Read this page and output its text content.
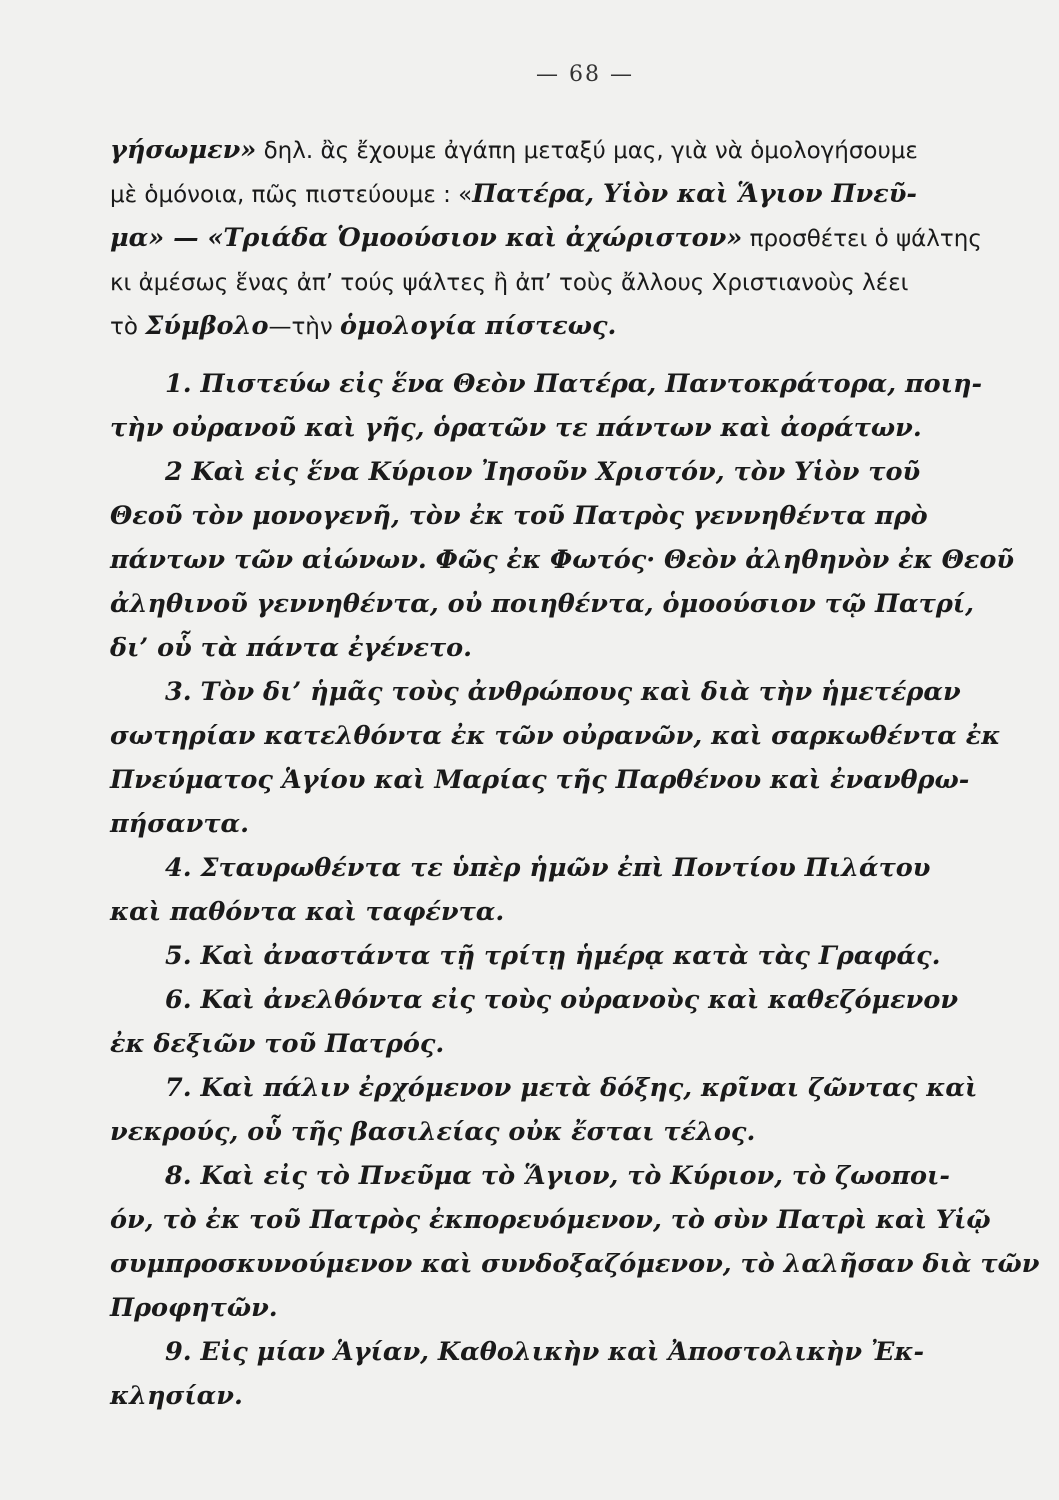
— 68 —
γήσωμεν» δηλ. ἂς ἔχουμε ἀγάπη μεταξύ μας, γιὰ νὰ ὁμολογήσουμε
μὲ ὁμόνοια, πῶς πιστεύουμε : «Πατέρα, Υἱὸν καὶ Ἅγιον Πνεῦ-
μα» — «Τριάδα Ὁμοούσιον καὶ ἀχώριστον» προσθέτει ὁ ψάλτης
κι ἀμέσως ἕνας ἀπ’ τούς ψάλτες ἢ ἀπ’ τοὺς ἄλλους Χριστιανοὺς λέει
τὸ Σύμβολο—τὴν ὁμολογία πίστεως.
1. Πιστεύω εἰς ἕνα Θεὸν Πατέρα, Παντοκράτορα, ποιη-
τὴν οὐρανοῦ καὶ γῆς, ὁρατῶν τε πάντων καὶ ἀοράτων.
2 Καὶ εἰς ἕνα Κύριον Ἰησοῦν Χριστόν, τὸν Υἱὸν τοῦ
Θεοῦ τὸν μονογενῆ, τὸν ἐκ τοῦ Πατρὸς γεννηθέντα πρὸ
πάντων τῶν αἰώνων. Φῶς ἐκ Φωτός· Θεὸν ἀληθηνὸν ἐκ Θεοῦ
ἀληθινοῦ γεννηθέντα, οὐ ποιηθέντα, ὁμοούσιον τῷ Πατρί,
δι’ οὗ τὰ πάντα ἐγένετο.
3. Τὸν δι’ ἡμᾶς τοὺς ἀνθρώπους καὶ διὰ τὴν ἡμετέραν
σωτηρίαν κατελθόντα ἐκ τῶν οὐρανῶν, καὶ σαρκωθέντα ἐκ
Πνεύματος Ἁγίου καὶ Μαρίας τῆς Παρθένου καὶ ἐνανθρω-
πήσαντα.
4. Σταυρωθέντα τε ὑπὲρ ἡμῶν ἐπὶ Ποντίου Πιλάτου
καὶ παθόντα καὶ ταφέντα.
5. Καὶ ἀναστάντα τῇ τρίτῃ ἡμέρᾳ κατὰ τὰς Γραφάς.
6. Καὶ ἀνελθόντα εἰς τοὺς οὐρανοὺς καὶ καθεζόμενον
ἐκ δεξιῶν τοῦ Πατρός.
7. Καὶ πάλιν ἐρχόμενον μετὰ δόξης, κρῖναι ζῶντας καὶ
νεκρούς, οὗ τῆς βασιλείας οὐκ ἔσται τέλος.
8. Καὶ εἰς τὸ Πνεῦμα τὸ Ἅγιον, τὸ Κύριον, τὸ ζωοποι-
όν, τὸ ἐκ τοῦ Πατρὸς ἐκπορευόμενον, τὸ σὺν Πατρὶ καὶ Υἱῷ
συμπροσκυνούμενον καὶ συνδοξαζόμενον, τὸ λαλῆσαν διὰ τῶν
Προφητῶν.
9. Εἰς μίαν Ἁγίαν, Καθολικὴν καὶ Ἀποστολικὴν Ἐκ-
κλησίαν.
